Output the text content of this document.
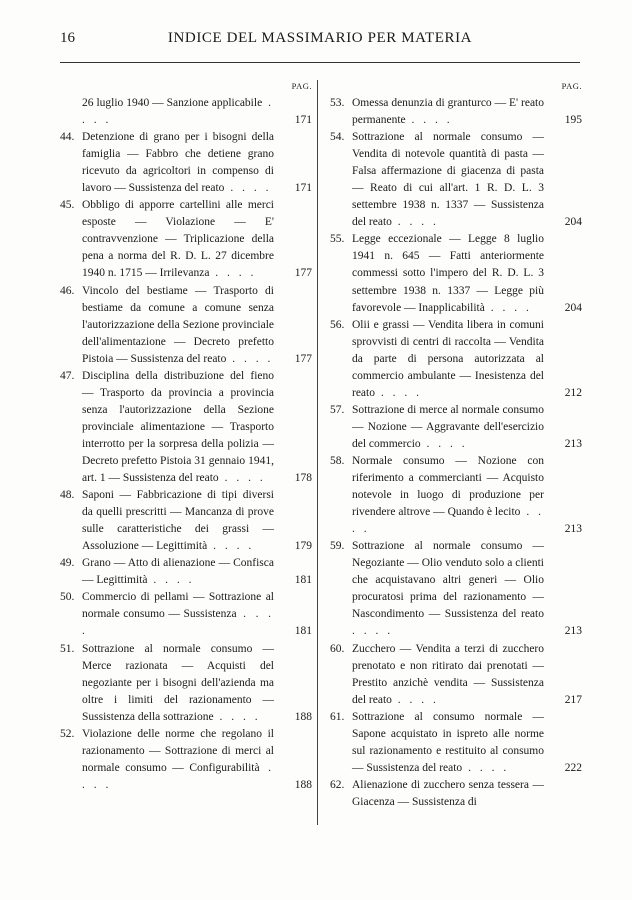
16	INDICE DEL MASSIMARIO PER MATERIA
PAG.
26 luglio 1940 — Sanzione applicabile . . . .	171
44. Detenzione di grano per i bisogni della famiglia — Fabbro che detiene grano ricevuto da agricoltori in compenso di lavoro — Sussistenza del reato . . . .	171
45. Obbligo di apporre cartellini alle merci esposte — Violazione — E' contravvenzione — Triplicazione della pena a norma del R. D. L. 27 dicembre 1940 n. 1715 — Irrilevanza . . . .	177
46. Vincolo del bestiame — Trasporto di bestiame da comune a comune senza l'autorizzazione della Sezione provinciale dell'alimentazione — Decreto prefetto Pistoia — Sussistenza del reato . . . .	177
47. Disciplina della distribuzione del fieno — Trasporto da provincia a provincia senza l'autorizzazione della Sezione provinciale alimentazione — Trasporto interrotto per la sorpresa della polizia — Decreto prefetto Pistoia 31 gennaio 1941, art. 1 — Sussistenza del reato . . . .	178
48. Saponi — Fabbricazione di tipi diversi da quelli prescritti — Mancanza di prove sulle caratteristiche dei grassi — Assoluzione — Legittimità . . . .	179
49. Grano — Atto di alienazione — Confisca — Legittimità . . . .	181
50. Commercio di pellami — Sottrazione al normale consumo — Sussistenza . . . .	181
51. Sottrazione al normale consumo — Merce razionata — Acquisti del negoziante per i bisogni dell'azienda ma oltre i limiti del razionamento — Sussistenza della sottrazione . . . .	188
52. Violazione delle norme che regolano il razionamento — Sottrazione di merci al normale consumo — Configurabilità . . . .	188
PAG.
53. Omessa denunzia di granturco — E' reato permanente . . . .	195
54. Sottrazione al normale consumo — Vendita di notevole quantità di pasta — Falsa affermazione di giacenza di pasta — Reato di cui all'art. 1 R. D. L. 3 settembre 1938 n. 1337 — Sussistenza del reato . . . .	204
55. Legge eccezionale — Legge 8 luglio 1941 n. 645 — Fatti anteriormente commessi sotto l'impero del R. D. L. 3 settembre 1938 n. 1337 — Legge più favorevole — Inapplicabilità . . . .	204
56. Olii e grassi — Vendita libera in comuni sprovvisti di centri di raccolta — Vendita da parte di persona autorizzata al commercio ambulante — Inesistenza del reato . . . .	212
57. Sottrazione di merce al normale consumo — Nozione — Aggravante dell'esercizio del commercio . . . .	213
58. Normale consumo — Nozione con riferimento a commercianti — Acquisto notevole in luogo di produzione per rivendere altrove — Quando è lecito . . . .	213
59. Sottrazione al normale consumo — Negoziante — Olio venduto solo a clienti che acquistavano altri generi — Olio procuratosi prima del razionamento — Nascondimento — Sussistenza del reato . . . .	213
60. Zucchero — Vendita a terzi di zucchero prenotato e non ritirato dai prenotati — Prestito anzichè vendita — Sussistenza del reato . . . .	217
61. Sottrazione al consumo normale — Sapone acquistato in ispreto alle norme sul razionamento e restituito al consumo — Sussistenza del reato . . . .	222
62. Alienazione di zucchero senza tessera — Giacenza — Sussistenza di
